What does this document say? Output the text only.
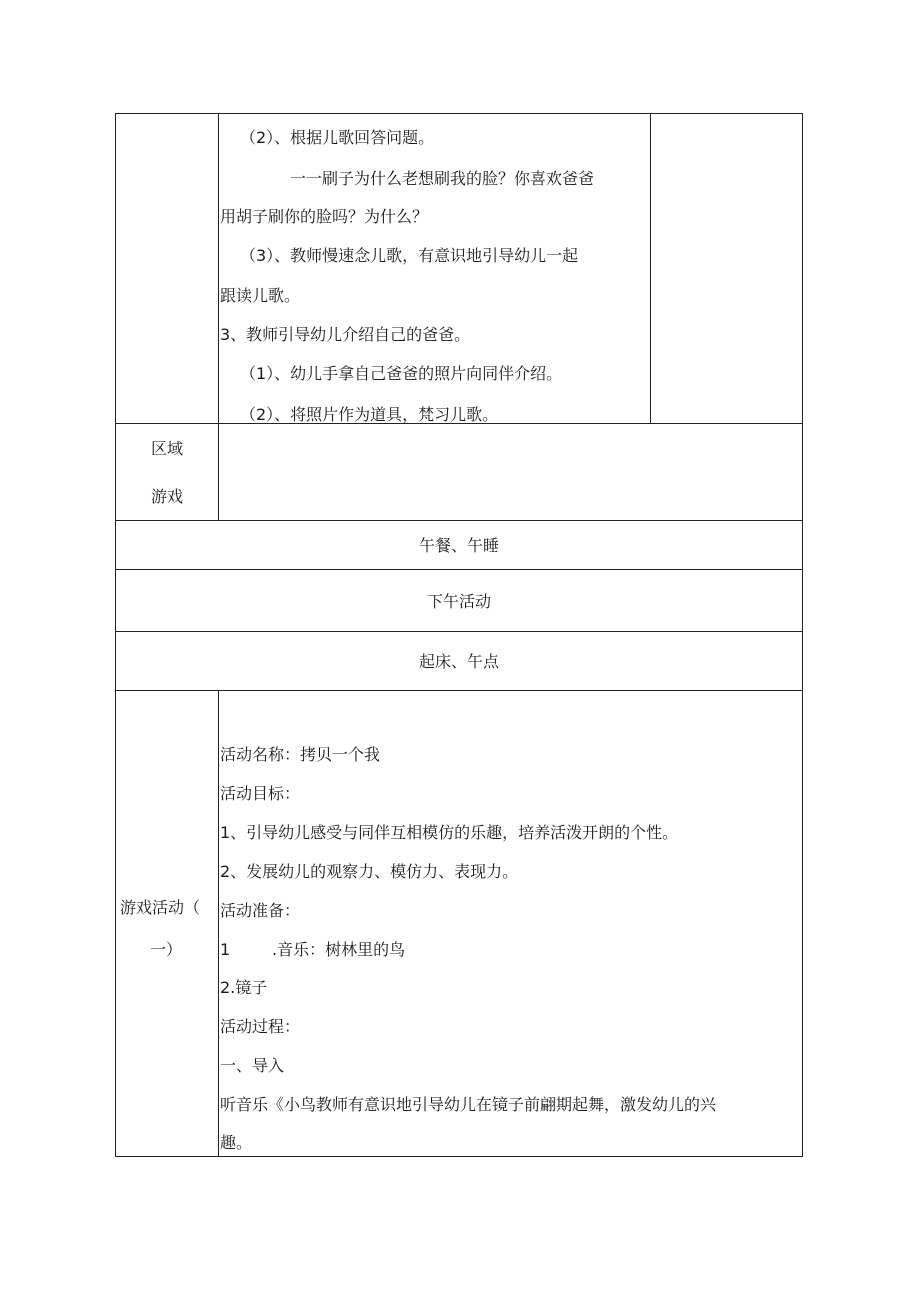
（2）、根据儿歌回答问题。
一一刷子为什么老想刷我的脸？你喜欢爸爸
用胡子刷你的脸吗？为什么？
（3）、教师慢速念儿歌，有意识地引导幼儿一起
跟读儿歌。
3、教师引导幼儿介绍自己的爸爸。
（1）、幼儿手拿自己爸爸的照片向同伴介绍。
（2）、将照片作为道具，梵习儿歌。
区域
游戏
午餐、午睡
下午活动
起床、午点
游戏活动（
一）
活动名称：拷贝一个我
活动目标：
1、引导幼儿感受与同伴互相模仿的乐趣，培养活泼开朗的个性。
2、发展幼儿的观察力、模仿力、表现力。
活动准备：
1	.音乐：树林里的鸟
2.镜子
活动过程：
一、导入
听音乐《小鸟教师有意识地引导幼儿在镜子前翩期起舞，激发幼儿的兴
趣。
